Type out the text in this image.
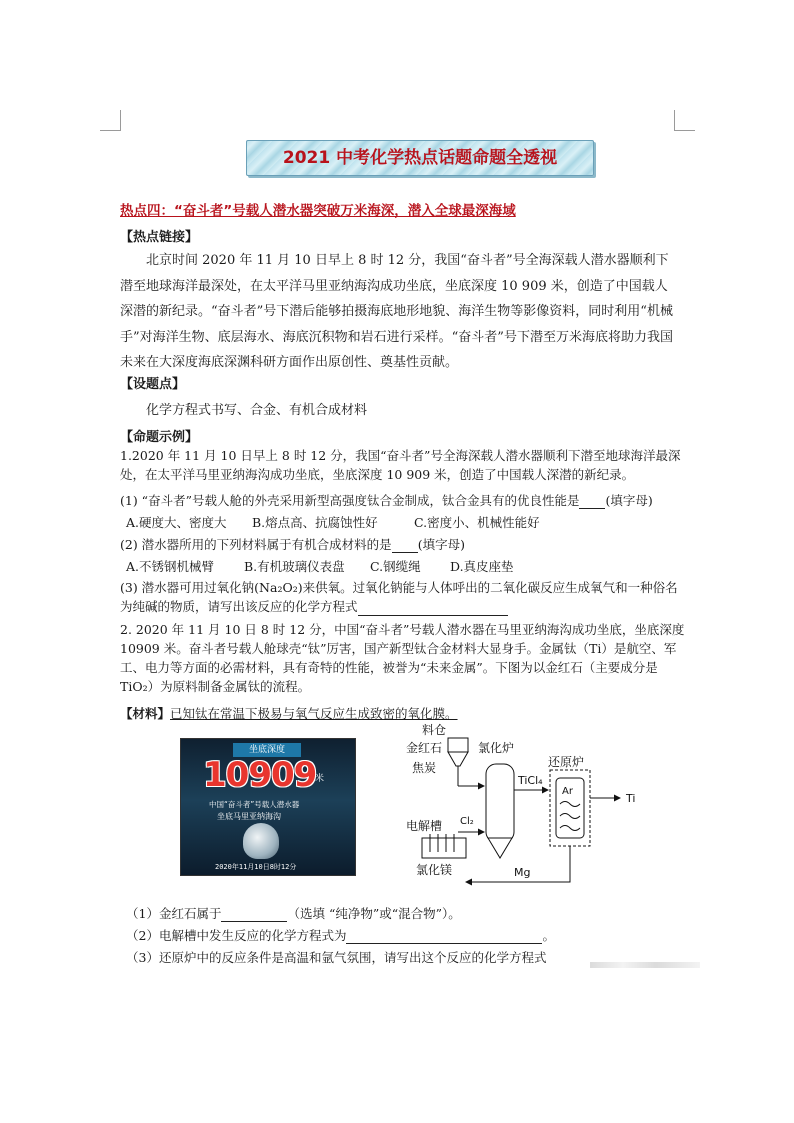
2021 中考化学热点话题命题全透视
热点四：“奋斗者”号载人潜水器突破万米海深，潜入全球最深海域
【热点链接】
北京时间 2020 年 11 月 10 日早上 8 时 12 分，我国“奋斗者”号全海深载人潜水器顺利下潜至地球海洋最深处，在太平洋马里亚纳海沟成功坐底，坐底深度 10 909 米，创造了中国载人深潜的新纪录。“奋斗者”号下潜后能够拍摄海底地形地貌、海洋生物等影像资料，同时利用“机械手”对海洋生物、底层海水、海底沉积物和岩石进行采样。“奋斗者”号下潜至万米海底将助力我国未来在大深度海底深渊科研方面作出原创性、奠基性贡献。
【设题点】
化学方程式书写、合金、有机合成材料
【命题示例】
1.2020 年 11 月 10 日早上 8 时 12 分，我国“奋斗者”号全海深载人潜水器顺利下潜至地球海洋最深处，在太平洋马里亚纳海沟成功坐底，坐底深度 10 909 米，创造了中国载人深潜的新纪录。
(1) “奋斗者”号载人舱的外壳采用新型高强度钛合金制成，钛合金具有的优良性能是 (填字母)
A.硬度大、密度大 B.熔点高、抗腐蚀性好	C.密度小、机械性能好
(2) 潜水器所用的下列材料属于有机合成材料的是 (填字母)
A.不锈钢机械臂 B.有机玻璃仪表盘 C.钢缆绳 D.真皮座垫
(3) 潜水器可用过氧化钠(Na₂O₂)来供氧。过氧化钠能与人体呼出的二氧化碳反应生成氧气和一种俗名为纯碱的物质，请写出该反应的化学方程式
2. 2020 年 11 月 10 日 8 时 12 分，中国“奋斗者”号载人潜水器在马里亚纳海沟成功坐底，坐底深度 10909 米。奋斗者号载人舱球壳“钛”厉害，国产新型钛合金材料大显身手。金属钛（Ti）是航空、军工、电力等方面的必需材料，具有奇特的性能，被誉为“未来金属”。下图为以金红石（主要成分是 TiO₂）为原料制备金属钛的流程。
【材料】已知钛在常温下极易与氧气反应生成致密的氧化膜。
坐底深度
10909
米
中国“奋斗者”号载人潜水器
坐底马里亚纳海沟
2020年11月10日8时12分
料仓
金红石
焦炭
氯化炉
TiCl₄
还原炉
Ar
Ti
电解槽 Cl₂
氯化镁	Mg
（1）金红石属于	（选填 “纯净物”或“混合物”）。
（2）电解槽中发生反应的化学方程式为	。
（3）还原炉中的反应条件是高温和氩气氛围，请写出这个反应的化学方程式
